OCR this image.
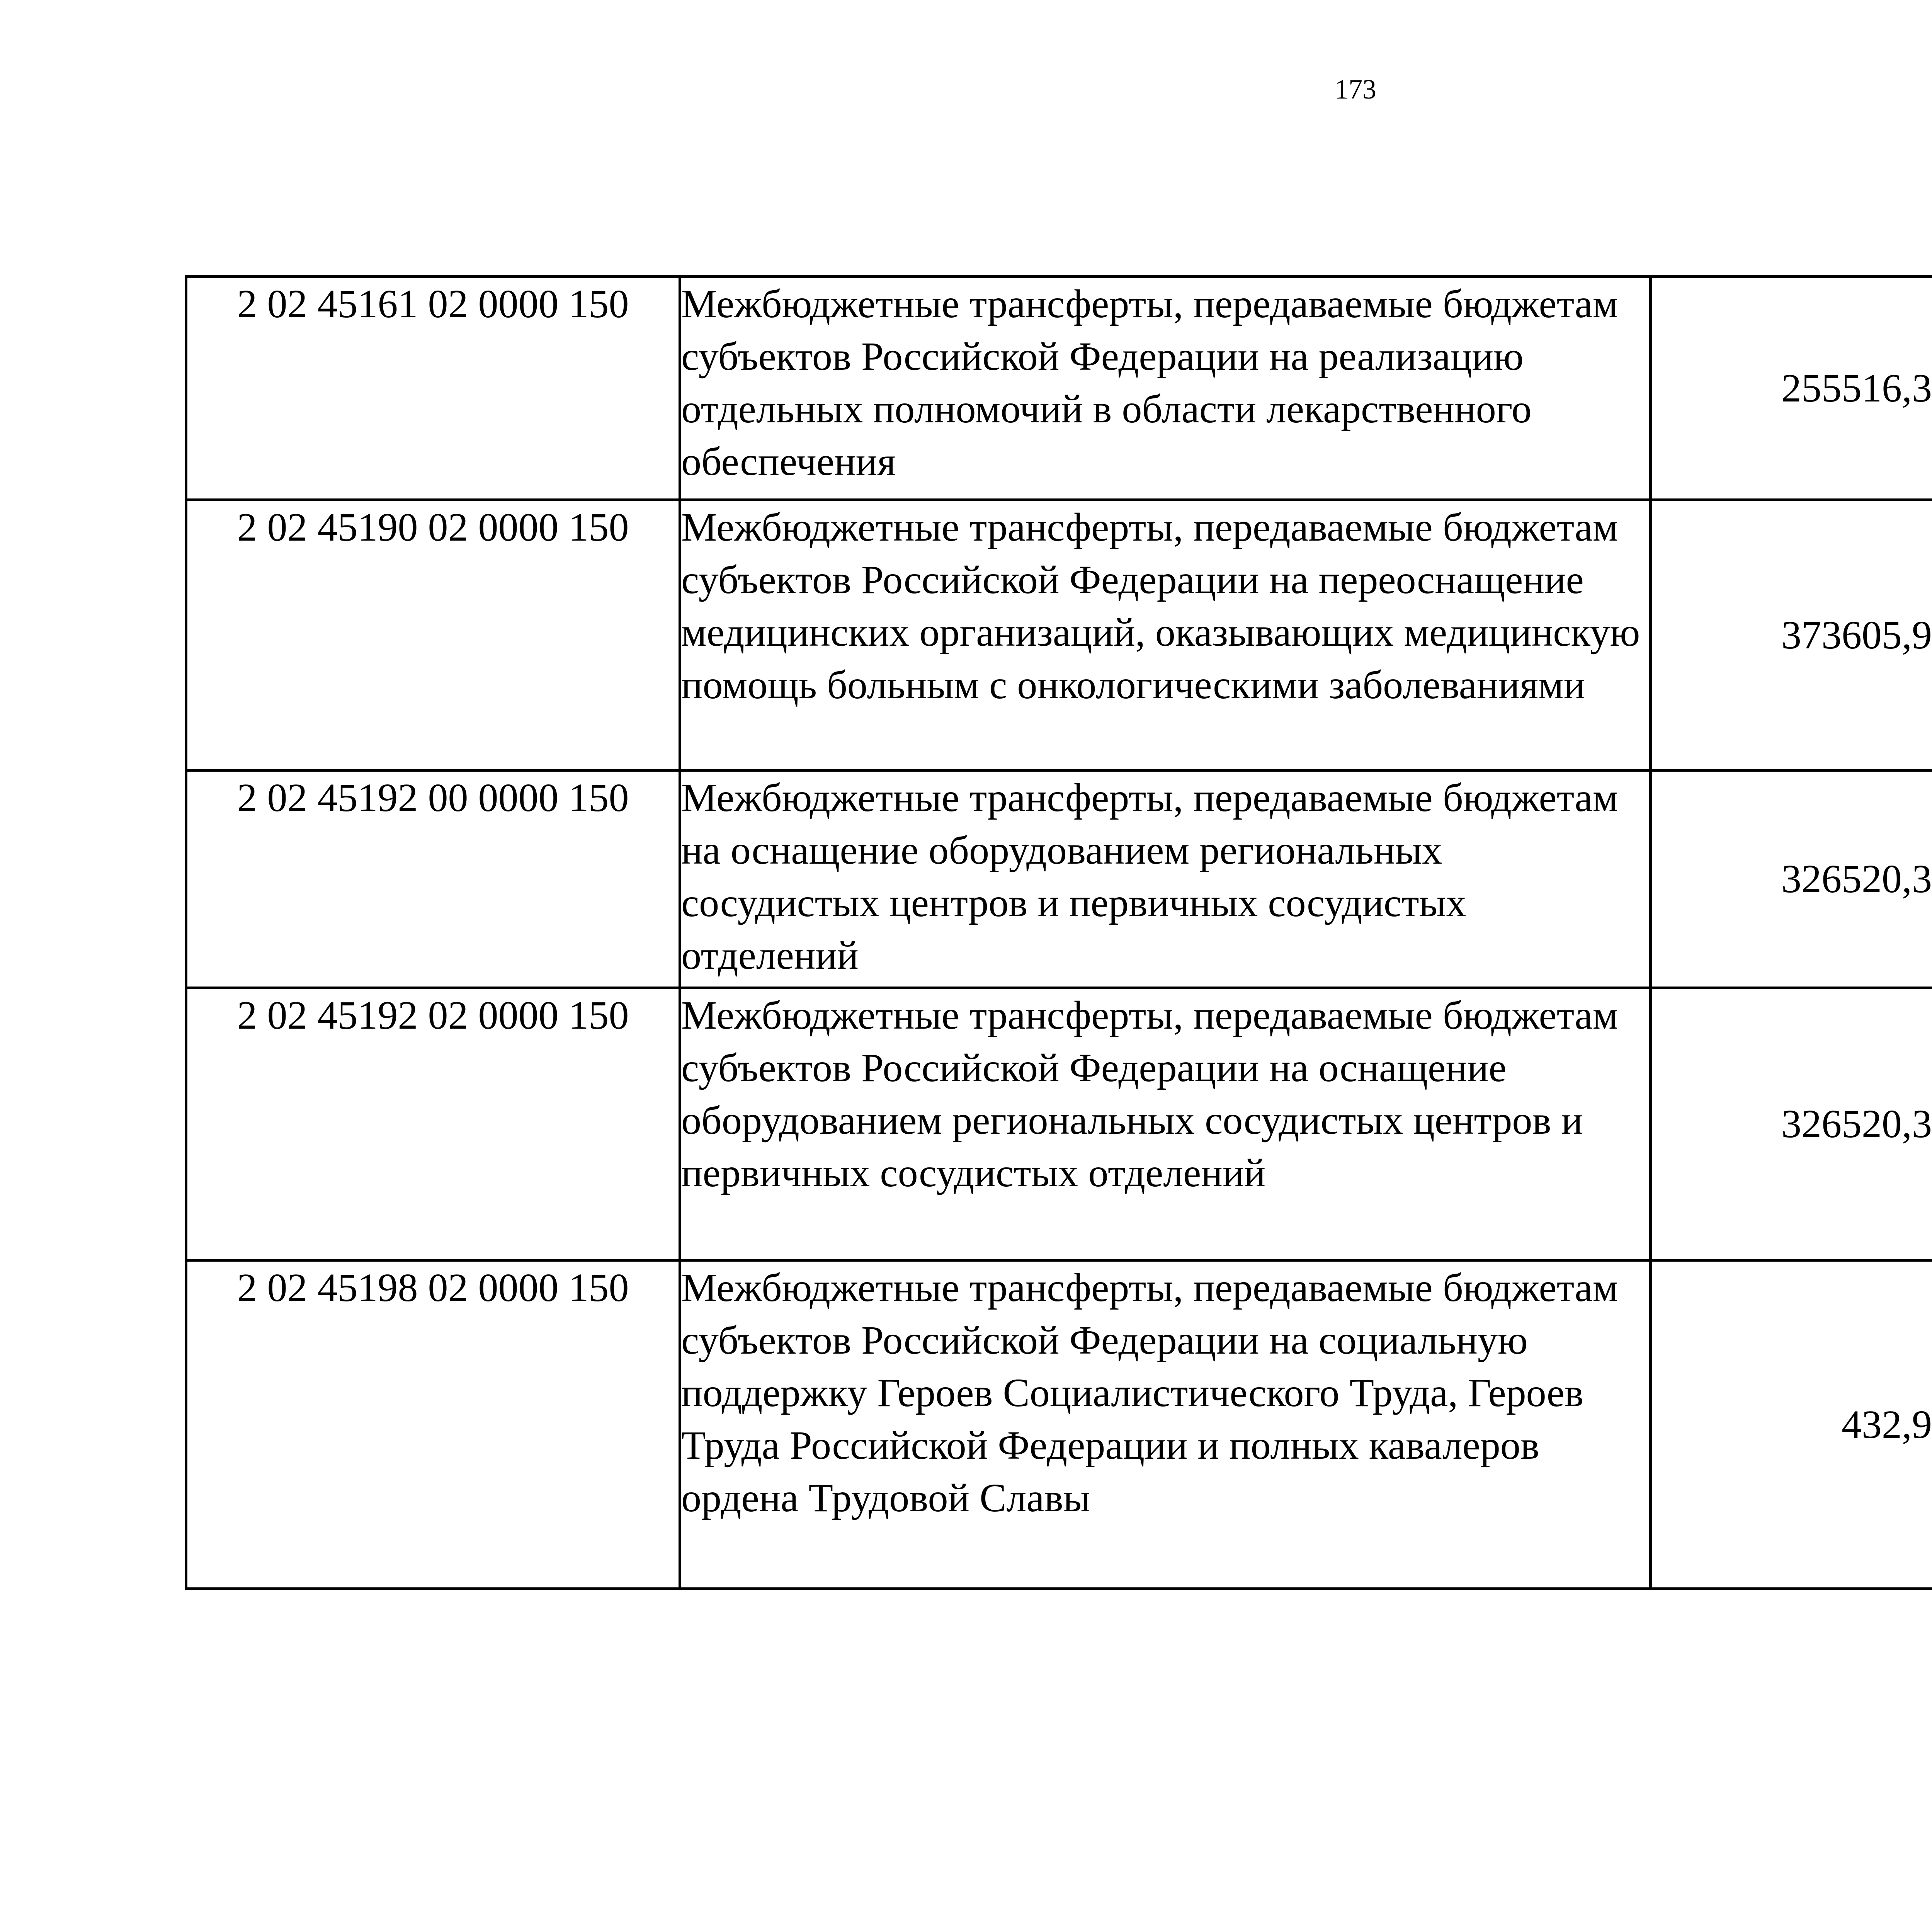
173
2 02 45161 02 0000 150	Межбюджетные трансферты, передаваемые бюджетам субъектов Российской Федерации на реализацию отдельных полномочий в области лекарственного обеспечения	255516,3		
2 02 45190 02 0000 150	Межбюджетные трансферты, передаваемые бюджетам субъектов Российской Федерации на переоснащение медицинских организаций, оказывающих медицинскую помощь больным с онкологическими заболеваниями	373605,9		
2 02 45192 00 0000 150	Межбюджетные трансферты, передаваемые бюджетам на оснащение оборудованием региональных сосудистых центров и первичных сосудистых отделений	326520,3		
2 02 45192 02 0000 150	Межбюджетные трансферты, передаваемые бюджетам субъектов Российской Федерации на оснащение оборудованием региональных сосудистых центров и первичных сосудистых отделений	326520,3		
2 02 45198 02 0000 150	Межбюджетные трансферты, передаваемые бюджетам субъектов Российской Федерации на социальную поддержку Героев Социалистического Труда, Героев Труда Российской Федерации и полных кавалеров ордена Трудовой Славы	432,9		
